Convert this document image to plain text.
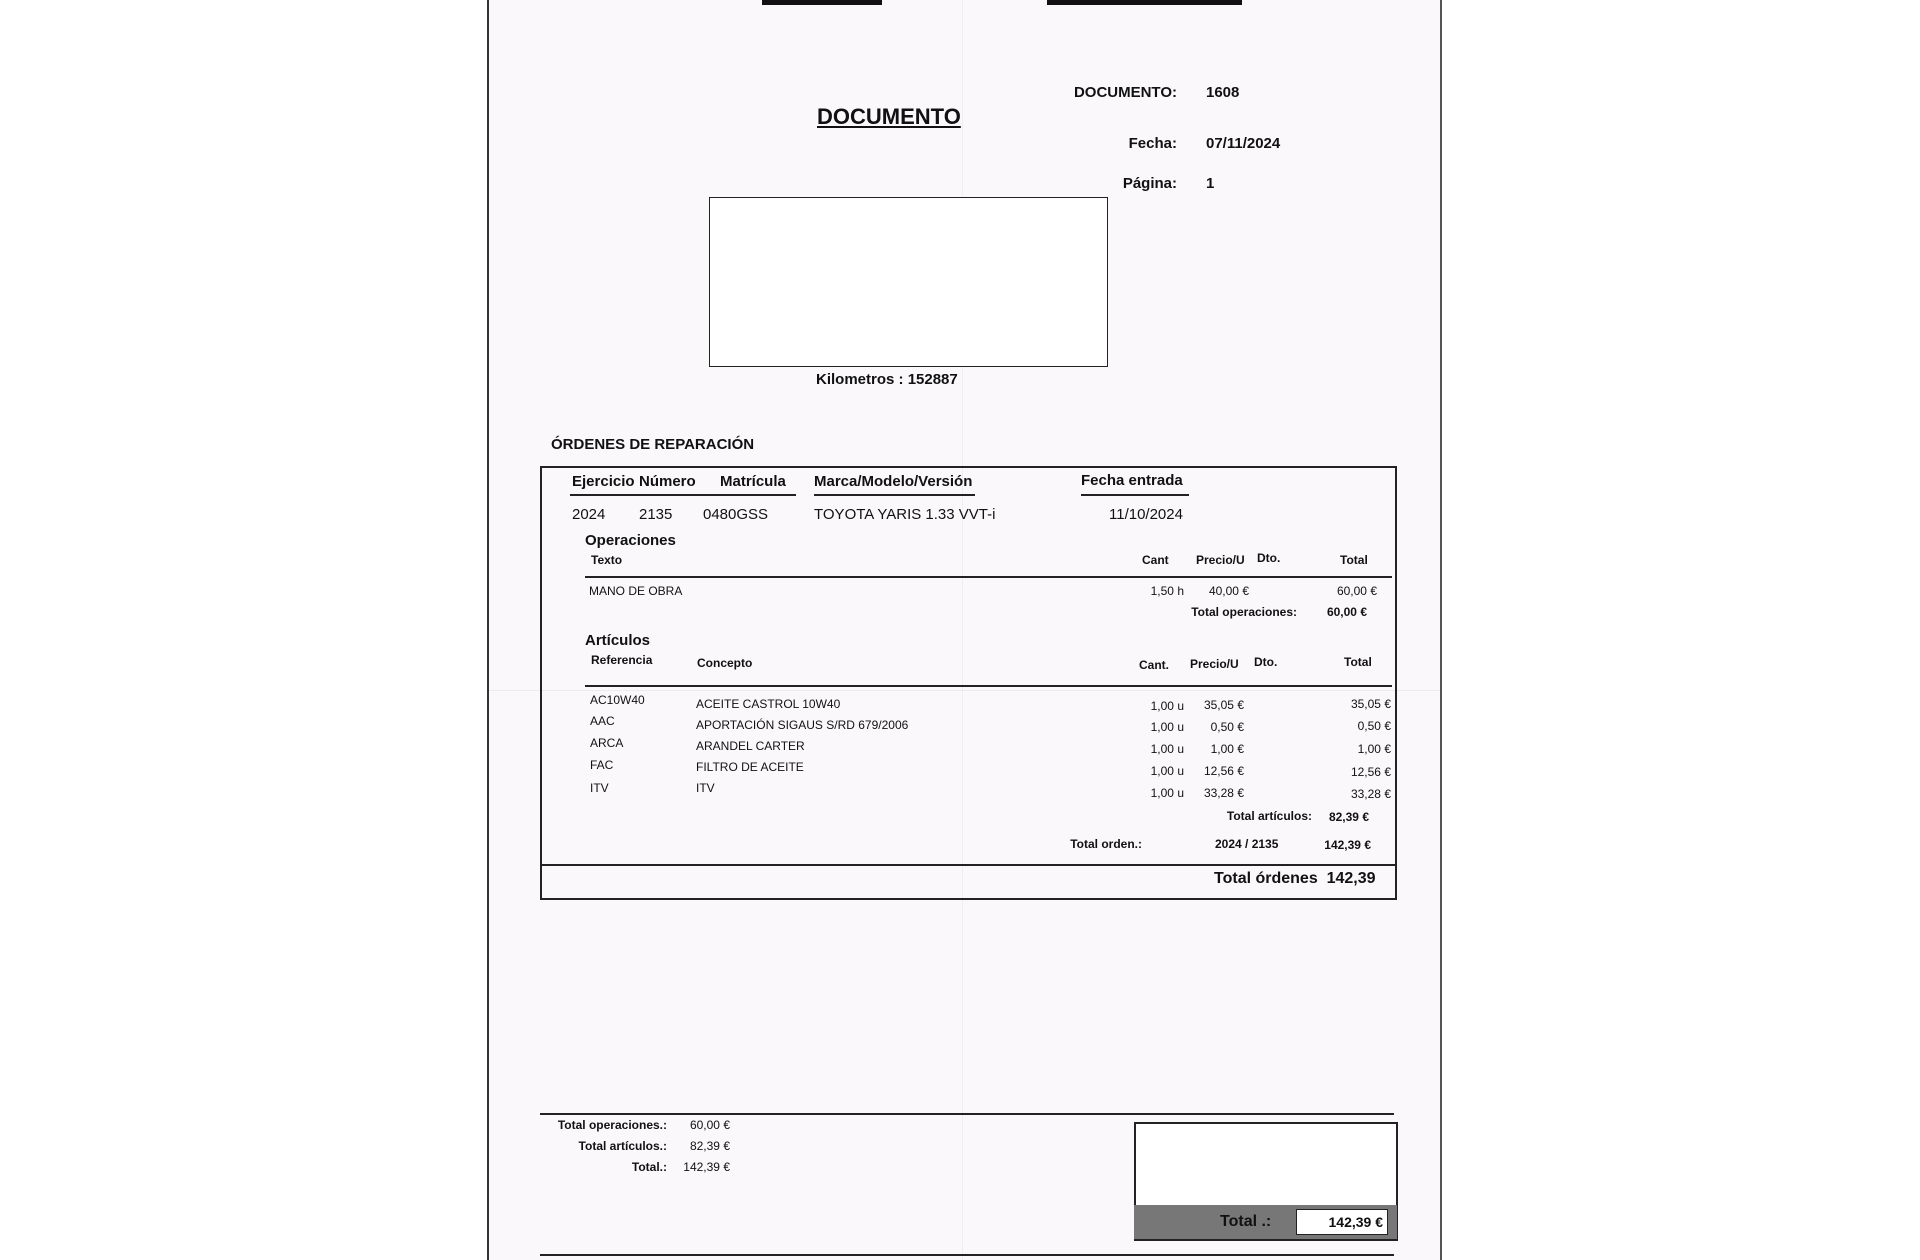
DOCUMENTO
DOCUMENTO: 1608
Fecha: 07/11/2024
Página: 1
Kilometros : 152887
ÓRDENES DE REPARACIÓN
Ejercicio Número Matrícula Marca/Modelo/Versión	Fecha entrada
2024 2135 0480GSS	TOYOTA YARIS 1.33 VVT-i	11/10/2024
Operaciones
Texto	Cant Precio/U Dto.	Total
MANO DE OBRA	1,50 h	40,00 €	60,00 €
Total operaciones:	60,00 €
Artículos
Referencia	Concepto	Cant. Precio/U Dto.	Total
AC10W40	ACEITE CASTROL 10W40	1,00 u	35,05 €	35,05 €
AAC	APORTACIÓN SIGAUS S/RD 679/2006	1,00 u	0,50 €	0,50 €
ARCA	ARANDEL CARTER	1,00 u	1,00 €	1,00 €
FAC	FILTRO DE ACEITE	1,00 u	12,56 €	12,56 €
ITV	ITV	1,00 u	33,28 €	33,28 €
Total artículos:	82,39 €
Total orden.:	2024 / 2135	142,39 €
Total órdenes 142,39
Total operaciones.:	60,00 €
Total artículos.:	82,39 €
Total.:	142,39 €
Total .:	142,39 €
